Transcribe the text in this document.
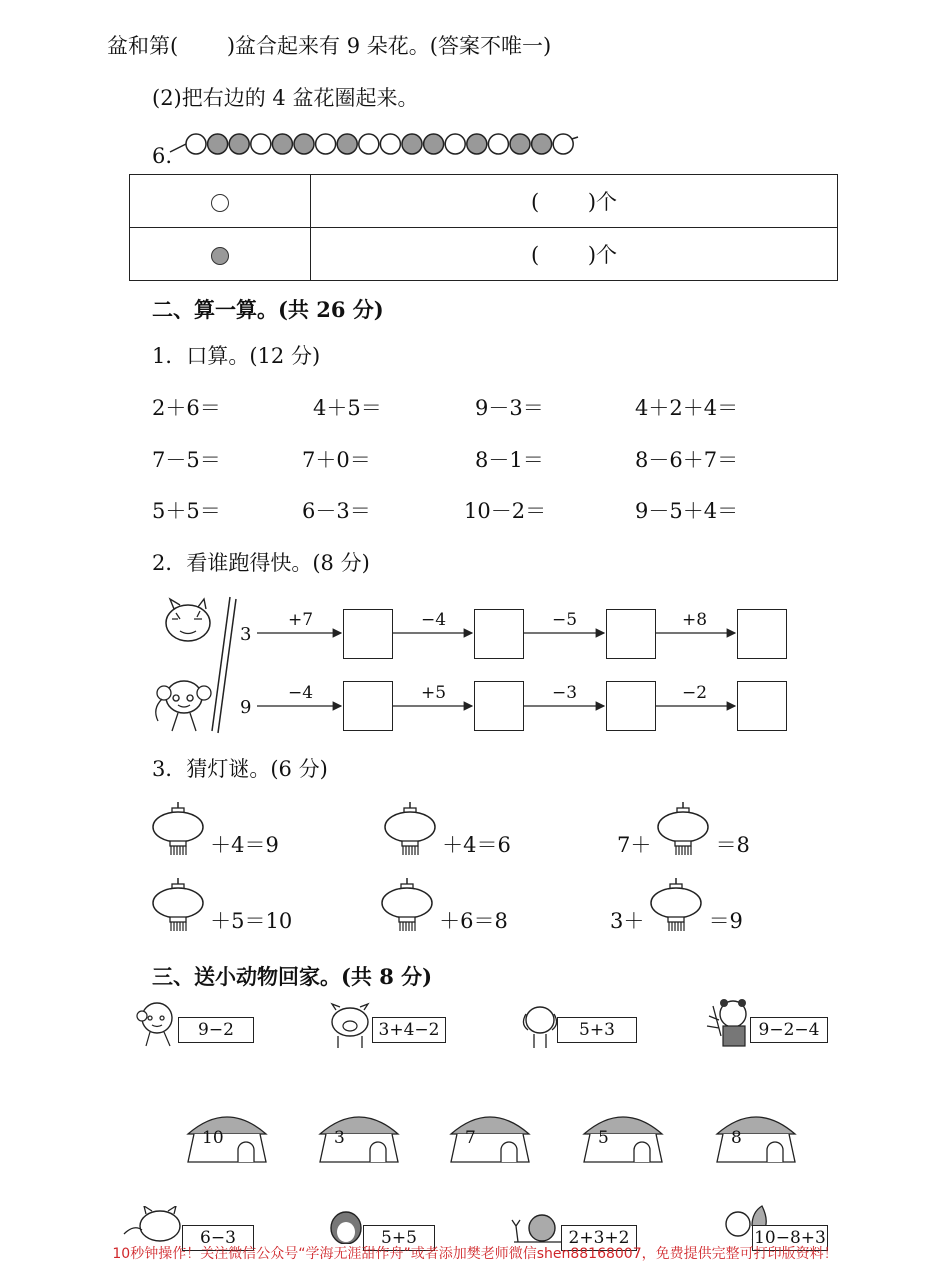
盆和第(　　 )盆合起来有 9 朵花。(答案不唯一)
(2)把右边的 4 盆花圈起来。
6.
	(　　 )个
	(　　 )个
二、算一算。(共 26 分)
1．口算。(12 分)
2＋6＝	4＋5＝	9－3＝	4＋2＋4＝
7－5＝	7＋0＝	8－1＝	8－6＋7＝
5＋5＝	6－3＝	10－2＝	9－5＋4＝
2．看谁跑得快。(8 分)
3
9
+7	−4	−5	+8
−4	+5	−3	−2
3．猜灯谜。(6 分)
＋4＝9	＋4＝6	7＋	＝8
＋5＝10	＋6＝8	3＋	＝9
三、送小动物回家。(共 8 分)
9−2	3+4−2	5+3	9−2−4
10	3	7	5	8
6−3	5+5	2+3+2	10−8+3
10秒钟操作！关注微信公众号“学海无涯甜作舟”或者添加樊老师微信shen88168007，免费提供完整可打印版资料！
